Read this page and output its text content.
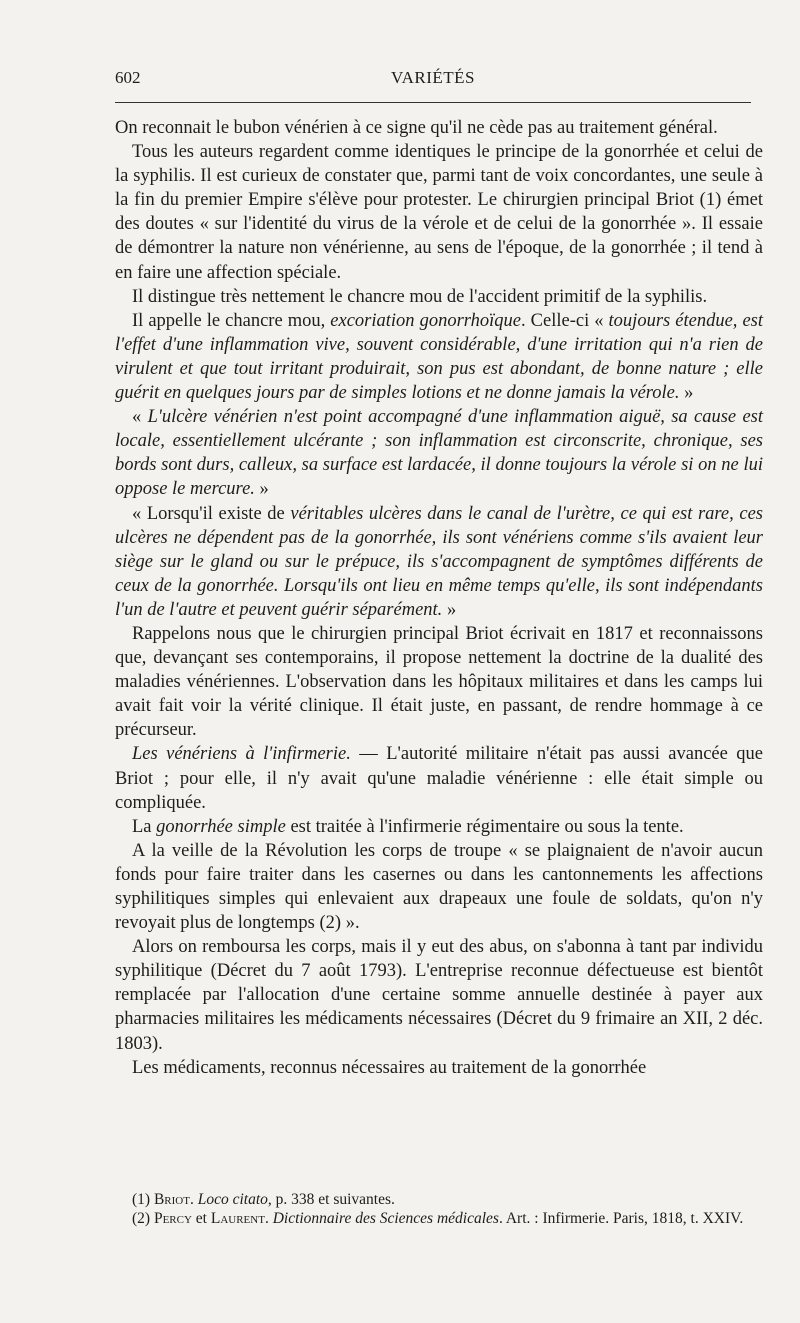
602	VARIÉTÉS

On reconnait le bubon vénérien à ce signe qu'il ne cède pas au traitement général.

Tous les auteurs regardent comme identiques le principe de la gonorrhée et celui de la syphilis. Il est curieux de constater que, parmi tant de voix concordantes, une seule à la fin du premier Empire s'élève pour protester. Le chirurgien principal Briot (1) émet des doutes « sur l'identité du virus de la vérole et de celui de la gonorrhée ». Il essaie de démontrer la nature non vénérienne, au sens de l'époque, de la gonorrhée ; il tend à en faire une affection spéciale.

Il distingue très nettement le chancre mou de l'accident primitif de la syphilis.

Il appelle le chancre mou, excoriation gonorrhoïque. Celle-ci « toujours étendue, est l'effet d'une inflammation vive, souvent considérable, d'une irritation qui n'a rien de virulent et que tout irritant produirait, son pus est abondant, de bonne nature ; elle guérit en quelques jours par de simples lotions et ne donne jamais la vérole. »

« L'ulcère vénérien n'est point accompagné d'une inflammation aiguë, sa cause est locale, essentiellement ulcérante ; son inflammation est circonscrite, chronique, ses bords sont durs, calleux, sa surface est lardacée, il donne toujours la vérole si on ne lui oppose le mercure. »

« Lorsqu'il existe de véritables ulcères dans le canal de l'urètre, ce qui est rare, ces ulcères ne dépendent pas de la gonorrhée, ils sont vénériens comme s'ils avaient leur siège sur le gland ou sur le prépuce, ils s'accompagnent de symptômes différents de ceux de la gonorrhée. Lorsqu'ils ont lieu en même temps qu'elle, ils sont indépendants l'un de l'autre et peuvent guérir séparément. »

Rappelons nous que le chirurgien principal Briot écrivait en 1817 et reconnaissons que, devançant ses contemporains, il propose nettement la doctrine de la dualité des maladies vénériennes. L'observation dans les hôpitaux militaires et dans les camps lui avait fait voir la vérité clinique. Il était juste, en passant, de rendre hommage à ce précurseur.

Les vénériens à l'infirmerie. — L'autorité militaire n'était pas aussi avancée que Briot ; pour elle, il n'y avait qu'une maladie vénérienne : elle était simple ou compliquée.

La gonorrhée simple est traitée à l'infirmerie régimentaire ou sous la tente.

A la veille de la Révolution les corps de troupe « se plaignaient de n'avoir aucun fonds pour faire traiter dans les casernes ou dans les cantonnements les affections syphilitiques simples qui enlevaient aux drapeaux une foule de soldats, qu'on n'y revoyait plus de longtemps (2) ».

Alors on remboursa les corps, mais il y eut des abus, on s'abonna à tant par individu syphilitique (Décret du 7 août 1793). L'entreprise reconnue défectueuse est bientôt remplacée par l'allocation d'une certaine somme annuelle destinée à payer aux pharmacies militaires les médicaments nécessaires (Décret du 9 frimaire an XII, 2 déc. 1803).

Les médicaments, reconnus nécessaires au traitement de la gonorrhée

(1) Briot. Loco citato, p. 338 et suivantes.

(2) Percy et Laurent. Dictionnaire des Sciences médicales. Art. : Infirmerie. Paris, 1818, t. XXIV.
